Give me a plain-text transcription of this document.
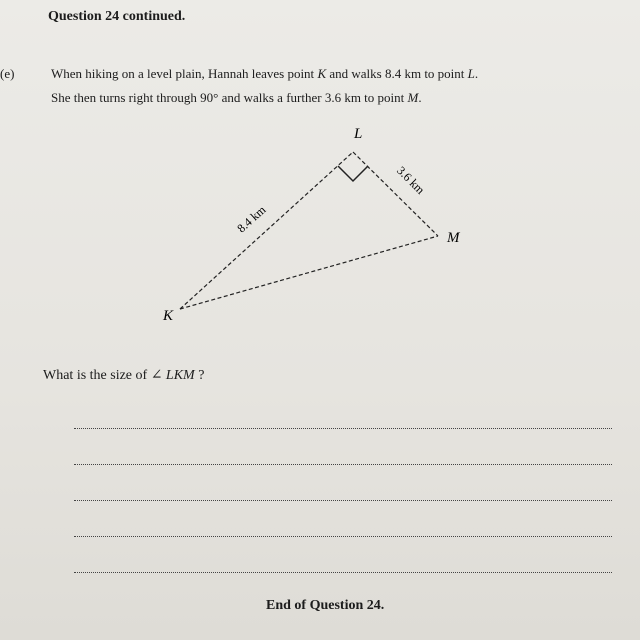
Question 24 continued.
(e)	When hiking on a level plain, Hannah leaves point K and walks 8.4 km to point L.
She then turns right through 90° and walks a further 3.6 km to point M.
L
M
K
8.4 km
3.6 km
What is the size of ∠ LKM ?
End of Question 24.
